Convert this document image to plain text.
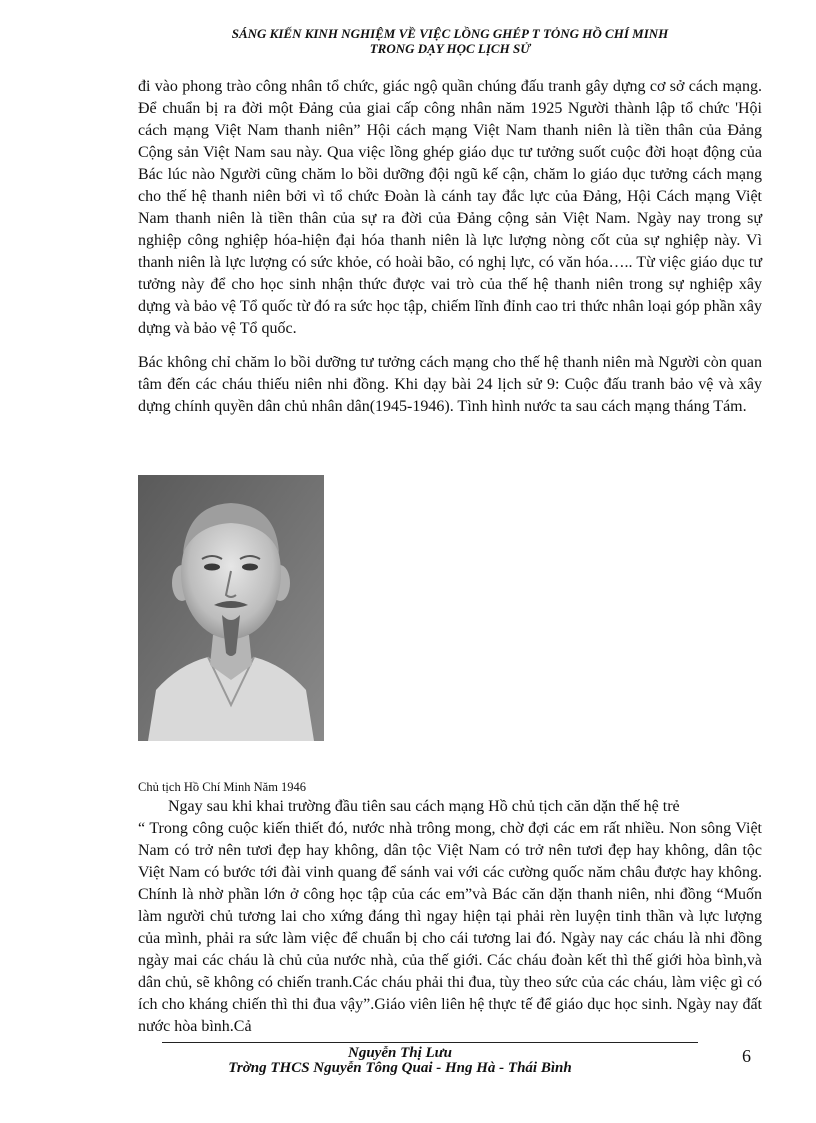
SÁNG KIẾN KINH NGHIỆM VỀ VIỆC LỒNG GHÉP T TỎNG HỒ CHÍ MINH
TRONG DẠY HỌC LỊCH SỬ

đi vào phong trào công nhân tổ chức, giác ngộ quần chúng đấu tranh gây dựng cơ sở cách mạng. Để chuẩn bị ra đời một Đảng của giai cấp công nhân năm 1925 Người thành lập tổ chức 'Hội cách mạng Việt Nam thanh niên” Hội cách mạng Việt Nam thanh niên là tiền thân của Đảng Cộng sản Việt Nam sau này. Qua việc lồng ghép giáo dục tư tưởng suốt cuộc đời hoạt động của Bác lúc nào Người cũng chăm lo bồi dưỡng đội ngũ kế cận, chăm lo giáo dục tưởng cách mạng cho thế hệ thanh niên bởi vì tổ chức Đoàn là cánh tay đắc lực của Đảng, Hội Cách mạng Việt Nam thanh niên là tiền thân của sự ra đời của Đảng cộng sản Việt Nam. Ngày nay trong sự nghiệp công nghiệp hóa-hiện đại hóa thanh niên là lực lượng nòng cốt của sự nghiệp này. Vì thanh niên là lực lượng có sức khỏe, có hoài bão, có nghị lực, có văn hóa….. Từ việc giáo dục tư tưởng này để cho học sinh nhận thức được vai trò của thế hệ thanh niên trong sự nghiệp xây dựng và bảo vệ Tổ quốc từ đó ra sức học tập, chiếm lĩnh đỉnh cao tri thức nhân loại góp phần xây dựng và bảo vệ Tổ quốc.

Bác không chỉ chăm lo bồi dưỡng tư tưởng cách mạng cho thế hệ thanh niên mà Người còn quan tâm đến các cháu thiếu niên nhi đồng. Khi dạy bài 24 lịch sử 9: Cuộc đấu tranh bảo vệ và xây dựng chính quyền dân chủ nhân dân(1945-1946). Tình hình nước ta sau cách mạng tháng Tám.

Chủ tịch Hồ Chí Minh Năm 1946

Ngay sau khi khai trường đầu tiên sau cách mạng Hồ chủ tịch căn dặn thế hệ trẻ

“ Trong công cuộc kiến thiết đó, nước nhà trông mong, chờ đợi các em rất nhiều. Non sông Việt Nam có trở nên tươi đẹp hay không, dân tộc Việt Nam có trở nên tươi đẹp hay không, dân tộc Việt Nam có bước tới đài vinh quang để sánh vai với các cường quốc năm châu được hay không. Chính là nhờ phần lớn ở công học tập của các em”và Bác căn dặn thanh niên, nhi đồng “Muốn làm người chủ tương lai cho xứng đáng thì ngay hiện tại phải rèn luyện tinh thần và lực lượng của mình, phải ra sức làm việc để chuẩn bị cho cái tương lai đó. Ngày nay các cháu là nhi đồng ngày mai các cháu là chủ của nước nhà, của thế giới. Các cháu đoàn kết thì thế giới hòa bình,và dân chủ, sẽ không có chiến tranh.Các cháu phải thi đua, tùy theo sức của các cháu, làm việc gì có ích cho kháng chiến thì thi đua vậy”.Giáo viên liên hệ thực tế để giáo dục học sinh. Ngày nay đất nước hòa bình.Cả

Nguyễn Thị Lưu
Trờng THCS Nguyễn Tông Quai - Hng Hà - Thái Bình
6
